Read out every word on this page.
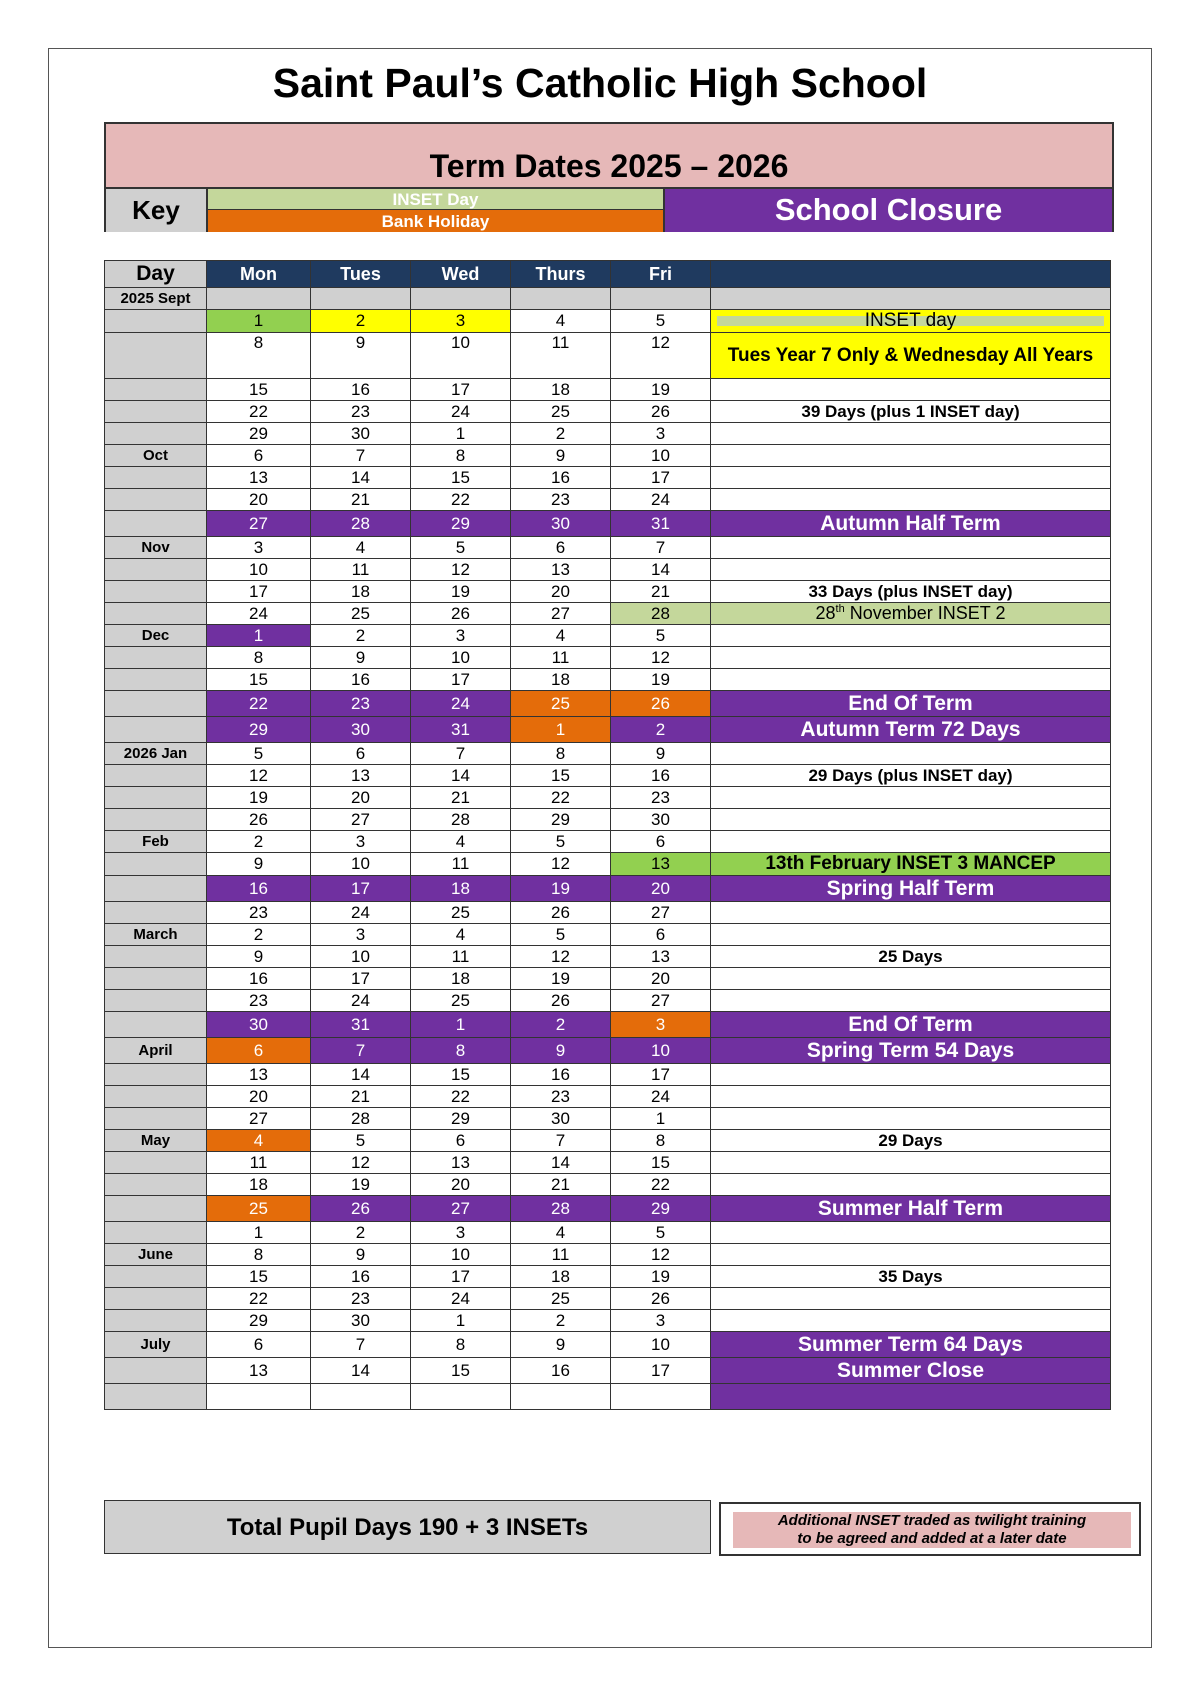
Saint Paul’s Catholic High School
Term Dates 2025 – 2026
Key	INSET Day
Bank Holiday	School Closure
Day	Mon	Tues	Wed	Thurs	Fri	
2025 Sept						
	1	2	3	4	5	INSET day
	8	9	10	11	12	Tues Year 7 Only & Wednesday All Years
	15	16	17	18	19	
	22	23	24	25	26	39 Days (plus 1 INSET day)
	29	30	1	2	3	
Oct	6	7	8	9	10	
	13	14	15	16	17	
	20	21	22	23	24	
	27	28	29	30	31	Autumn Half Term
Nov	3	4	5	6	7	
	10	11	12	13	14	
	17	18	19	20	21	33 Days (plus INSET day)
	24	25	26	27	28	28th November INSET 2
Dec	1	2	3	4	5	
	8	9	10	11	12	
	15	16	17	18	19	
	22	23	24	25	26	End Of Term
	29	30	31	1	2	Autumn Term 72 Days
2026 Jan	5	6	7	8	9	
	12	13	14	15	16	29 Days (plus INSET day)
	19	20	21	22	23	
	26	27	28	29	30	
Feb	2	3	4	5	6	
	9	10	11	12	13	13th February INSET 3 MANCEP
	16	17	18	19	20	Spring Half Term
	23	24	25	26	27	
March	2	3	4	5	6	
	9	10	11	12	13	25 Days
	16	17	18	19	20	
	23	24	25	26	27	
	30	31	1	2	3	End Of Term
April	6	7	8	9	10	Spring Term 54 Days
	13	14	15	16	17	
	20	21	22	23	24	
	27	28	29	30	1	
May	4	5	6	7	8	29 Days
	11	12	13	14	15	
	18	19	20	21	22	
	25	26	27	28	29	Summer Half Term
	1	2	3	4	5	
June	8	9	10	11	12	
	15	16	17	18	19	35 Days
	22	23	24	25	26	
	29	30	1	2	3	
July	6	7	8	9	10	Summer Term 64 Days
	13	14	15	16	17	Summer Close

Total Pupil Days 190 + 3 INSETs	Additional INSET traded as twilight training
to be agreed and added at a later date
